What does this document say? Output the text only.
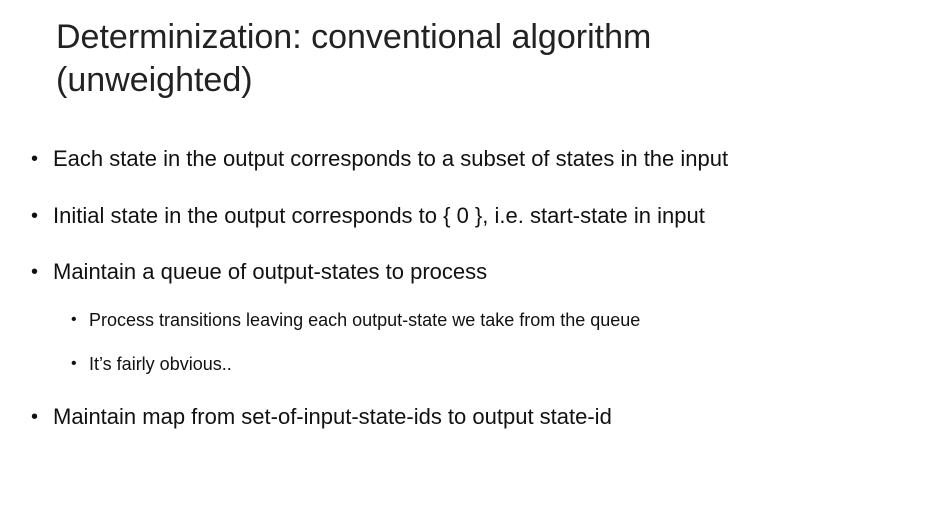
Determinization: conventional algorithm
(unweighted)
• Each state in the output corresponds to a subset of states in the input
• Initial state in the output corresponds to { 0 }, i.e. start-state in input
• Maintain a queue of output-states to process
• Process transitions leaving each output-state we take from the queue
• It’s fairly obvious..
• Maintain map from set-of-input-state-ids to output state-id
